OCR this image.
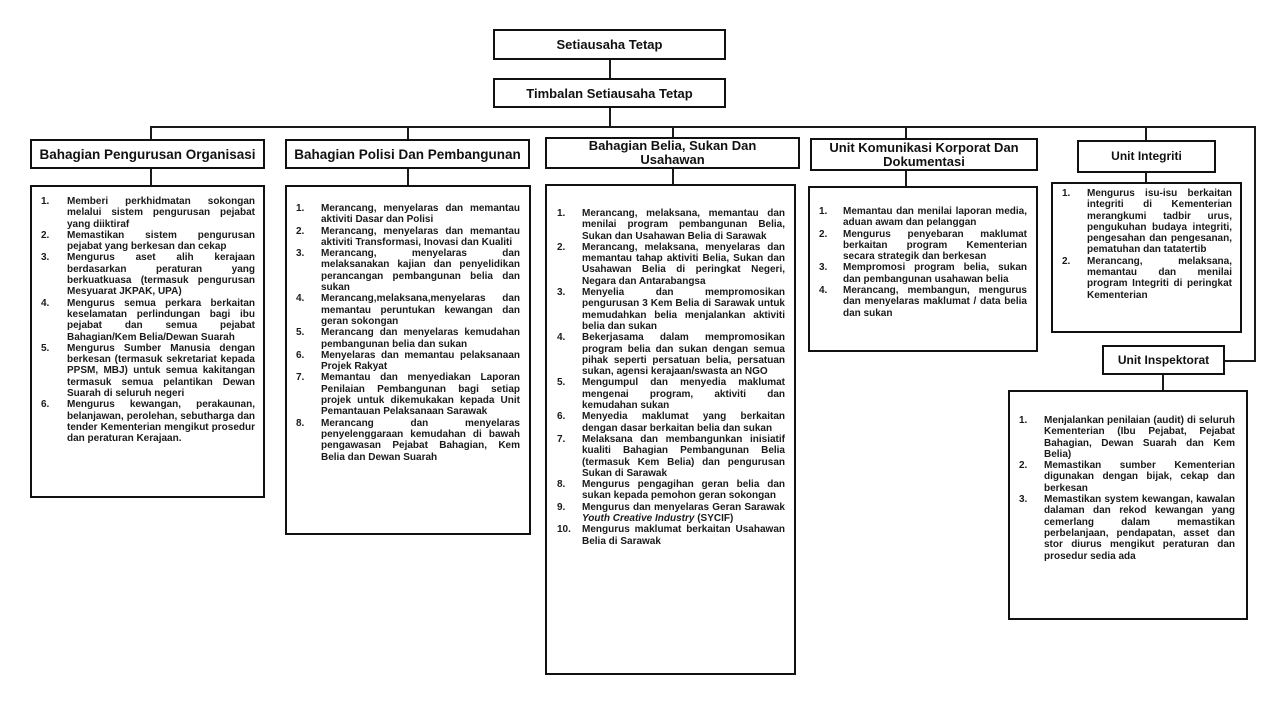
Setiausaha Tetap
Timbalan Setiausaha Tetap
Bahagian Pengurusan Organisasi
1.	Memberi perkhidmatan sokongan melalui sistem pengurusan pejabat yang diiktiraf
2.	Memastikan sistem pengurusan pejabat yang berkesan dan cekap
3.	Mengurus aset alih kerajaan berdasarkan peraturan yang berkuatkuasa (termasuk pengurusan Mesyuarat JKPAK, UPA)
4.	Mengurus semua perkara berkaitan keselamatan perlindungan bagi ibu pejabat dan semua pejabat Bahagian/Kem Belia/Dewan Suarah
5.	Mengurus Sumber Manusia dengan berkesan (termasuk sekretariat kepada PPSM, MBJ) untuk semua kakitangan termasuk semua pelantikan Dewan Suarah di seluruh negeri
6.	Mengurus kewangan, perakaunan, belanjawan, perolehan, sebutharga dan tender Kementerian mengikut prosedur dan peraturan Kerajaan.
Bahagian Polisi Dan Pembangunan
1.	Merancang, menyelaras dan memantau aktiviti Dasar dan Polisi
2.	Merancang, menyelaras dan memantau aktiviti Transformasi, Inovasi dan Kualiti
3.	Merancang, menyelaras dan melaksanakan kajian dan penyelidikan perancangan pembangunan belia dan sukan
4.	Merancang,melaksana,menyelaras dan memantau peruntukan kewangan dan geran sokongan
5.	Merancang dan menyelaras kemudahan pembangunan belia dan sukan
6.	Menyelaras dan memantau pelaksanaan Projek Rakyat
7.	Memantau dan menyediakan Laporan Penilaian Pembangunan bagi setiap projek untuk dikemukakan kepada Unit Pemantauan Pelaksanaan Sarawak
8.	Merancang dan menyelaras penyelenggaraan kemudahan di bawah pengawasan Pejabat Bahagian, Kem Belia dan Dewan Suarah
Bahagian Belia, Sukan Dan Usahawan
1.	Merancang, melaksana, memantau dan menilai program pembangunan Belia, Sukan dan Usahawan Belia di Sarawak
2.	Merancang, melaksana, menyelaras dan memantau tahap aktiviti Belia, Sukan dan Usahawan Belia di peringkat Negeri, Negara dan Antarabangsa
3.	Menyelia dan mempromosikan pengurusan 3 Kem Belia di Sarawak untuk memudahkan belia menjalankan aktiviti belia dan sukan
4.	Bekerjasama dalam mempromosikan program belia dan sukan dengan semua pihak seperti persatuan belia, persatuan sukan, agensi kerajaan/swasta an NGO
5.	Mengumpul dan menyedia maklumat mengenai program, aktiviti dan kemudahan sukan
6.	Menyedia maklumat yang berkaitan dengan dasar berkaitan belia dan sukan
7.	Melaksana dan membangunkan inisiatif kualiti Bahagian Pembangunan Belia (termasuk Kem Belia) dan pengurusan Sukan di Sarawak
8.	Mengurus pengagihan geran belia dan sukan kepada pemohon geran sokongan
9.	Mengurus dan menyelaras Geran Sarawak Youth Creative Industry (SYCIF)
10.	Mengurus maklumat berkaitan Usahawan Belia di Sarawak
Unit Komunikasi Korporat Dan Dokumentasi
1.	Memantau dan menilai laporan media, aduan awam dan pelanggan
2.	Mengurus penyebaran maklumat berkaitan program Kementerian secara strategik dan berkesan
3.	Mempromosi program belia, sukan dan pembangunan usahawan belia
4.	Merancang, membangun, mengurus dan menyelaras maklumat / data belia dan sukan
Unit Integriti
1.	Mengurus isu-isu berkaitan integriti di Kementerian merangkumi tadbir urus, pengukuhan budaya integriti, pengesahan dan pengesanan, pematuhan dan tatatertib
2.	Merancang, melaksana, memantau dan menilai program Integriti di peringkat Kementerian
Unit Inspektorat
1.	Menjalankan penilaian (audit) di seluruh Kementerian (Ibu Pejabat, Pejabat Bahagian, Dewan Suarah dan Kem Belia)
2.	Memastikan sumber Kementerian digunakan dengan bijak, cekap dan berkesan
3.	Memastikan system kewangan, kawalan dalaman dan rekod kewangan yang cemerlang dalam memastikan perbelanjaan, pendapatan, asset dan stor diurus mengikut peraturan dan prosedur sedia ada
